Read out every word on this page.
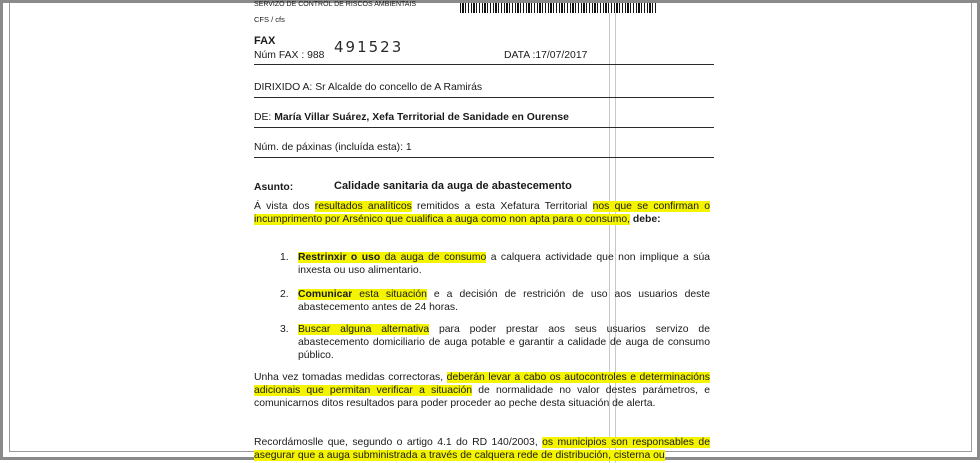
SERVIZO DE CONTROL DE RISCOS AMBIENTAIS
CFS / cfs
FAX
Núm FAX : 988 491523	DATA :17/07/2017
DIRIXIDO A: Sr Alcalde do concello de A Ramirás
DE: María Villar Suárez, Xefa Territorial de Sanidade en Ourense
Núm. de páxinas (incluída esta): 1
Asunto:	Calidade sanitaria da auga de abastecemento
Á vista dos resultados analíticos remitidos a esta Xefatura Territorial nos que se confirman o incumprimento por Arsénico que cualifica a auga como non apta para o consumo, debe:
1. Restrinxir o uso da auga de consumo a calquera actividade que non implique a súa inxesta ou uso alimentario.
2. Comunicar esta situación e a decisión de restrición de uso aos usuarios deste abastecemento antes de 24 horas.
3. Buscar alguna alternativa para poder prestar aos seus usuarios servizo de abastecemento domiciliario de auga potable e garantir a calidade de auga de consumo público.
Unha vez tomadas medidas correctoras, deberán levar a cabo os autocontroles e determinacións adicionais que permitan verificar a situación de normalidade no valor destes parámetros, e comunicarnos ditos resultados para poder proceder ao peche desta situación de alerta.
Recordámoslle que, segundo o artigo 4.1 do RD 140/2003, os municipios son responsables de asegurar que a auga subministrada a través de calquera rede de distribución, cisterna ou
